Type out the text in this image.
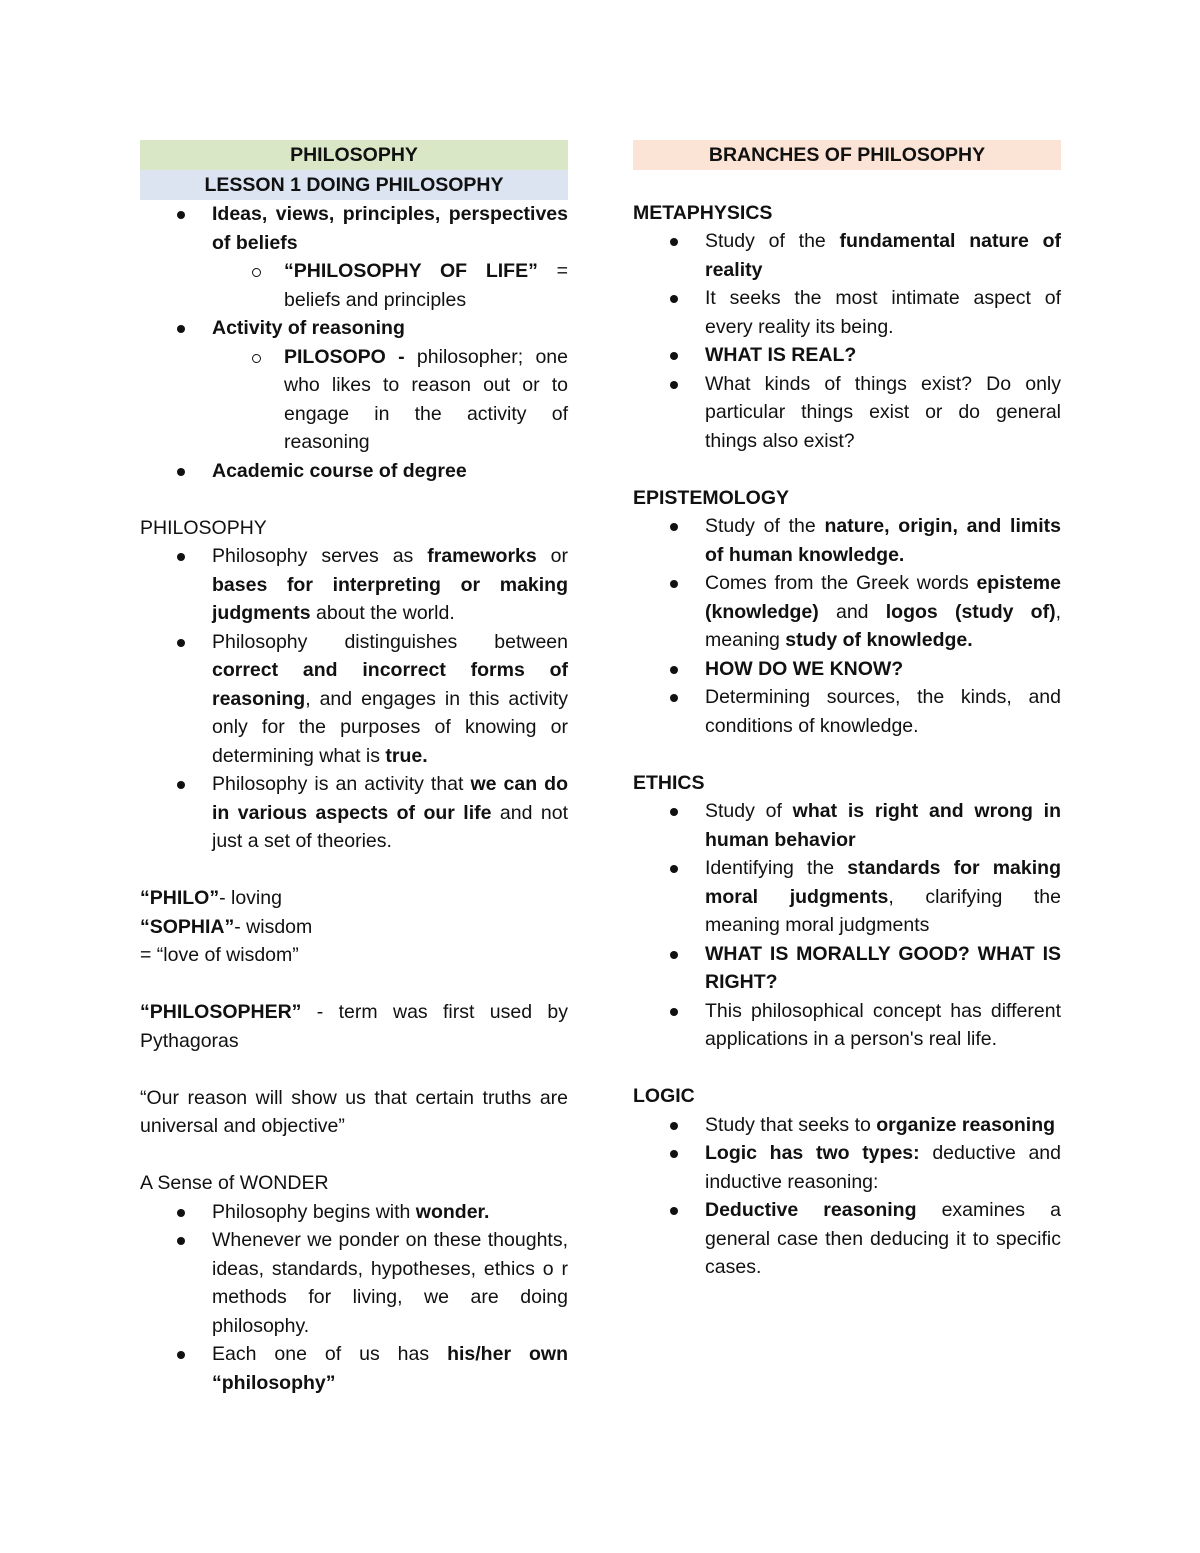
PHILOSOPHY
LESSON 1 DOING PHILOSOPHY
Ideas, views, principles, perspectives of beliefs
“PHILOSOPHY OF LIFE” = beliefs and principles
Activity of reasoning
PILOSOPO - philosopher; one who likes to reason out or to engage in the activity of reasoning
Academic course of degree

PHILOSOPHY

Philosophy serves as frameworks or bases for interpreting or making judgments about the world.
Philosophy distinguishes between correct and incorrect forms of reasoning, and engages in this activity only for the purposes of knowing or determining what is true.
Philosophy is an activity that we can do in various aspects of our life and not just a set of theories.

“PHILO”- loving

“SOPHIA”- wisdom

= “love of wisdom”

“PHILOSOPHER” - term was first used by Pythagoras

“Our reason will show us that certain truths are universal and objective”

A Sense of WONDER

Philosophy begins with wonder.
Whenever we ponder on these thoughts, ideas, standards, hypotheses, ethics o r methods for living, we are doing philosophy.
Each one of us has his/her own “philosophy”
BRANCHES OF PHILOSOPHY

METAPHYSICS

Study of the fundamental nature of reality
It seeks the most intimate aspect of every reality its being.
WHAT IS REAL?
What kinds of things exist? Do only particular things exist or do general things also exist?

EPISTEMOLOGY

Study of the nature, origin, and limits of human knowledge.
Comes from the Greek words episteme (knowledge) and logos (study of), meaning study of knowledge.
HOW DO WE KNOW?
Determining sources, the kinds, and conditions of knowledge.

ETHICS

Study of what is right and wrong in human behavior
Identifying the standards for making moral judgments, clarifying the meaning moral judgments
WHAT IS MORALLY GOOD? WHAT IS RIGHT?
This philosophical concept has different applications in a person's real life.

LOGIC

Study that seeks to organize reasoning
Logic has two types: deductive and inductive reasoning:
Deductive reasoning examines a general case then deducing it to specific cases.
